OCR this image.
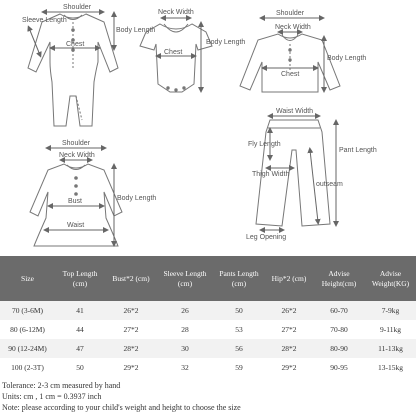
Shoulder
Sleeve Length
Chest
Body Length
Neck Width
Chest
Body Length
Shoulder
Neck Width
Body Length
Chest
Waist Width
Fly Length
Pant Length
Thigh Width
outseam
Leg Opening
Shoulder
Neck Width
Bust	Body Length
Waist
Size	Top Length (cm)	Bust*2 (cm)	Sleeve Length (cm)	Pants Length (cm)	Hip*2 (cm)	Advise Height(cm)	Advise Weight(KG)
70 (3-6M)	41	26*2	26	50	26*2	60-70	7-9kg
80 (6-12M)	44	27*2	28	53	27*2	70-80	9-11kg
90 (12-24M)	47	28*2	30	56	28*2	80-90	11-13kg
100 (2-3T)	50	29*2	32	59	29*2	90-95	13-15kg
Tolerance: 2-3 cm measured by hand
Units: cm , 1 cm = 0.3937 inch
Note: please according to your child's weight and height to choose the size
